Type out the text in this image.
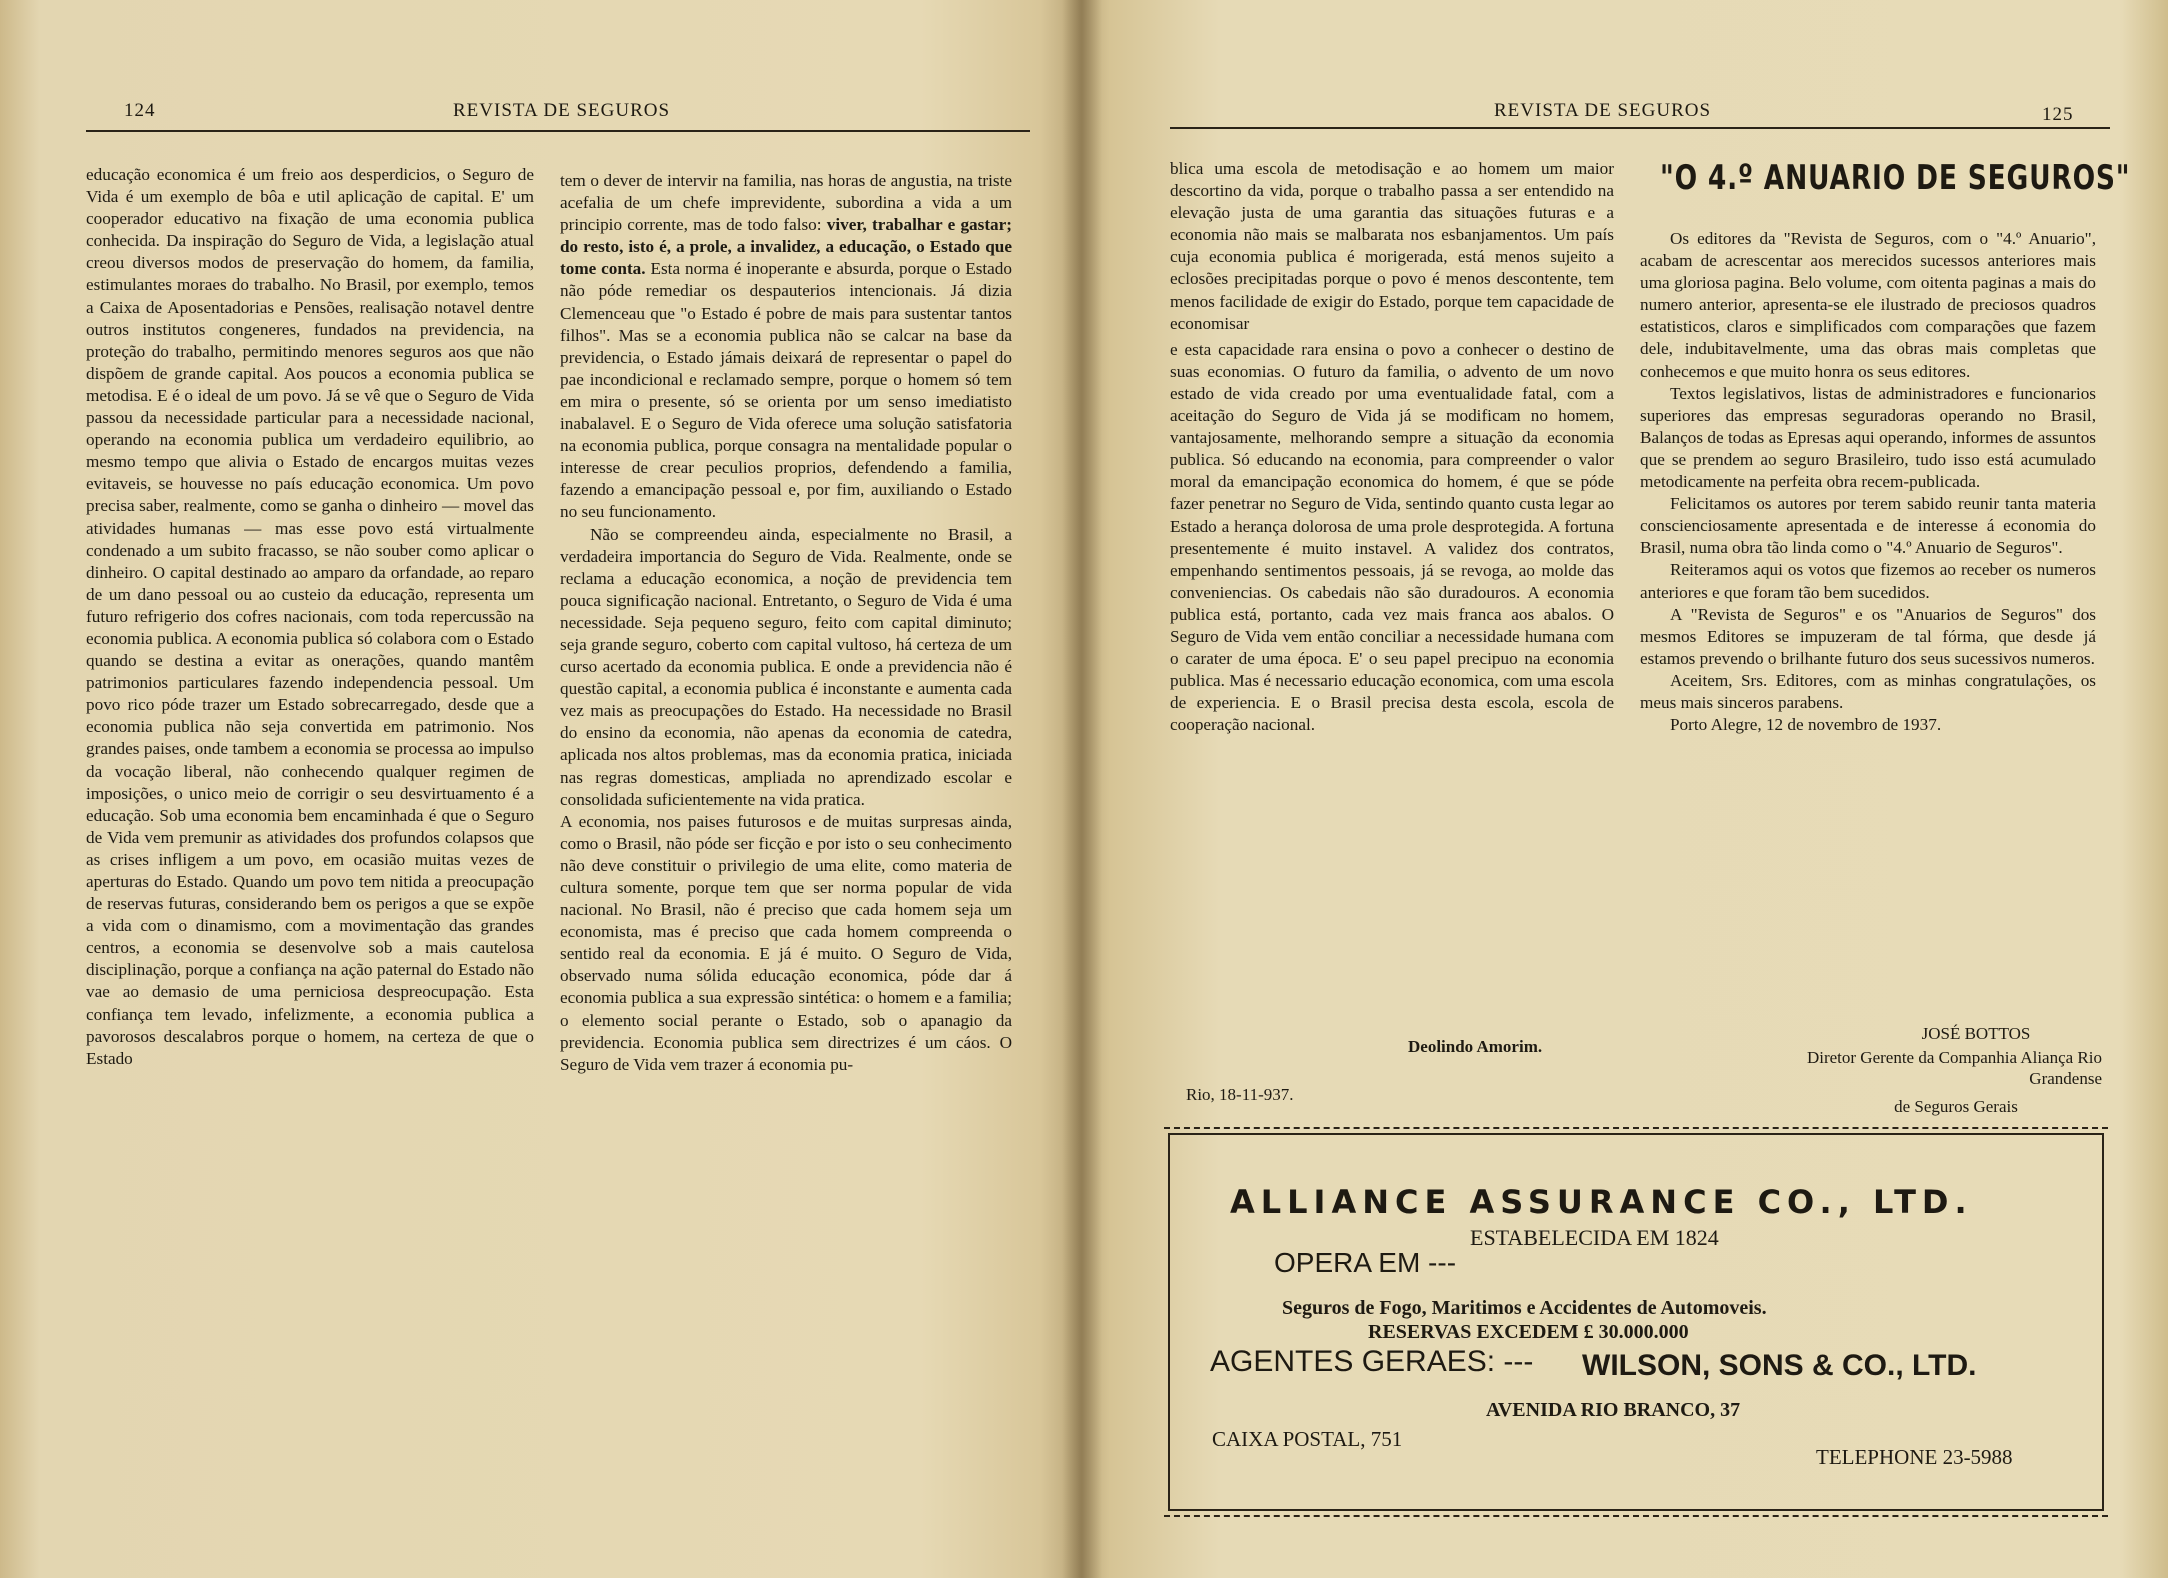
124	REVISTA DE SEGUROS

educação economica é um freio aos desperdicios, o Seguro de Vida é um exemplo de bôa e util aplicação de capital. E' um cooperador educativo na fixação de uma economia publica conhecida. Da inspiração do Seguro de Vida, a legislação atual creou diversos modos de preservação do homem, da familia, estimulantes moraes do trabalho. No Brasil, por exemplo, temos a Caixa de Aposentadorias e Pensões, realisação notavel dentre outros institutos congeneres, fundados na previdencia, na proteção do trabalho, permitindo menores seguros aos que não dispõem de grande capital. Aos poucos a economia publica se metodisa. E é o ideal de um povo. Já se vê que o Seguro de Vida passou da necessidade particular para a necessidade nacional, operando na economia publica um verdadeiro equilibrio, ao mesmo tempo que alivia o Estado de encargos muitas vezes evitaveis, se houvesse no país educação economica. Um povo precisa saber, realmente, como se ganha o dinheiro — movel das atividades humanas — mas esse povo está virtualmente condenado a um subito fracasso, se não souber como aplicar o dinheiro. O capital destinado ao amparo da orfandade, ao reparo de um dano pessoal ou ao custeio da educação, representa um futuro refrigerio dos cofres nacionais, com toda repercussão na economia publica. A economia publica só colabora com o Estado quando se destina a evitar as onerações, quando mantêm patrimonios particulares fazendo independencia pessoal. Um povo rico póde trazer um Estado sobrecarregado, desde que a economia publica não seja convertida em patrimonio. Nos grandes paises, onde tambem a economia se processa ao impulso da vocação liberal, não conhecendo qualquer regimen de imposições, o unico meio de corrigir o seu desvirtuamento é a educação. Sob uma economia bem encaminhada é que o Seguro de Vida vem premunir as atividades dos profundos colapsos que as crises infligem a um povo, em ocasião muitas vezes de aperturas do Estado. Quando um povo tem nitida a preocupação de reservas futuras, considerando bem os perigos a que se expõe a vida com o dinamismo, com a movimentação das grandes centros, a economia se desenvolve sob a mais cautelosa disciplinação, porque a confiança na ação paternal do Estado não vae ao demasio de uma perniciosa despreocupação. Esta confiança tem levado, infelizmente, a economia publica a pavorosos descalabros porque o homem, na certeza de que o Estado

tem o dever de intervir na familia, nas horas de angustia, na triste acefalia de um chefe imprevidente, subordina a vida a um principio corrente, mas de todo falso: viver, trabalhar e gastar; do resto, isto é, a prole, a invalidez, a educação, o Estado que tome conta. Esta norma é inoperante e absurda, porque o Estado não póde remediar os despauterios intencionais. Já dizia Clemenceau que "o Estado é pobre de mais para sustentar tantos filhos". Mas se a economia publica não se calcar na base da previdencia, o Estado jámais deixará de representar o papel do pae incondicional e reclamado sempre, porque o homem só tem em mira o presente, só se orienta por um senso imediatisto inabalavel. E o Seguro de Vida oferece uma solução satisfatoria na economia publica, porque consagra na mentalidade popular o interesse de crear peculios proprios, defendendo a familia, fazendo a emancipação pessoal e, por fim, auxiliando o Estado no seu funcionamento.

Não se compreendeu ainda, especialmente no Brasil, a verdadeira importancia do Seguro de Vida. Realmente, onde se reclama a educação economica, a noção de previdencia tem pouca significação nacional. Entretanto, o Seguro de Vida é uma necessidade. Seja pequeno seguro, feito com capital diminuto; seja grande seguro, coberto com capital vultoso, há certeza de um curso acertado da economia publica. E onde a previdencia não é questão capital, a economia publica é inconstante e aumenta cada vez mais as preocupações do Estado. Ha necessidade no Brasil do ensino da economia, não apenas da economia de catedra, aplicada nos altos problemas, mas da economia pratica, iniciada nas regras domesticas, ampliada no aprendizado escolar e consolidada suficientemente na vida pratica.

A economia, nos paises futurosos e de muitas surpresas ainda, como o Brasil, não póde ser ficção e por isto o seu conhecimento não deve constituir o privilegio de uma elite, como materia de cultura somente, porque tem que ser norma popular de vida nacional. No Brasil, não é preciso que cada homem seja um economista, mas é preciso que cada homem compreenda o sentido real da economia. E já é muito. O Seguro de Vida, observado numa sólida educação economica, póde dar á economia publica a sua expressão sintética: o homem e a familia; o elemento social perante o Estado, sob o apanagio da previdencia. Economia publica sem directrizes é um cáos. O Seguro de Vida vem trazer á economia pu-

REVISTA DE SEGUROS	125

blica uma escola de metodisação e ao homem um maior descortino da vida, porque o trabalho passa a ser entendido na elevação justa de uma garantia das situações futuras e a economia não mais se malbarata nos esbanjamentos. Um país cuja economia publica é morigerada, está menos sujeito a eclosões precipitadas porque o povo é menos descontente, tem menos facilidade de exigir do Estado, porque tem capacidade de economisar

e esta capacidade rara ensina o povo a conhecer o destino de suas economias. O futuro da familia, o advento de um novo estado de vida creado por uma eventualidade fatal, com a aceitação do Seguro de Vida já se modificam no homem, vantajosamente, melhorando sempre a situação da economia publica. Só educando na economia, para compreender o valor moral da emancipação economica do homem, é que se póde fazer penetrar no Seguro de Vida, sentindo quanto custa legar ao Estado a herança dolorosa de uma prole desprotegida. A fortuna presentemente é muito instavel. A validez dos contratos, empenhando sentimentos pessoais, já se revoga, ao molde das conveniencias. Os cabedais não são duradouros. A economia publica está, portanto, cada vez mais franca aos abalos. O Seguro de Vida vem então conciliar a necessidade humana com o carater de uma época. E' o seu papel precipuo na economia publica. Mas é necessario educação economica, com uma escola de experiencia. E o Brasil precisa desta escola, escola de cooperação nacional.

Deolindo Amorim.
Rio, 18-11-937.
"O 4.º ANUARIO DE SEGUROS"

Os editores da "Revista de Seguros, com o "4.º Anuario", acabam de acrescentar aos merecidos sucessos anteriores mais uma gloriosa pagina. Belo volume, com oitenta paginas a mais do numero anterior, apresenta-se ele ilustrado de preciosos quadros estatisticos, claros e simplificados com comparações que fazem dele, indubitavelmente, uma das obras mais completas que conhecemos e que muito honra os seus editores.

Textos legislativos, listas de administradores e funcionarios superiores das empresas seguradoras operando no Brasil, Balanços de todas as Epresas aqui operando, informes de assuntos que se prendem ao seguro Brasileiro, tudo isso está acumulado metodicamente na perfeita obra recem-publicada.

Felicitamos os autores por terem sabido reunir tanta materia conscienciosamente apresentada e de interesse á economia do Brasil, numa obra tão linda como o "4.º Anuario de Seguros".

Reiteramos aqui os votos que fizemos ao receber os numeros anteriores e que foram tão bem sucedidos.

A "Revista de Seguros" e os "Anuarios de Seguros" dos mesmos Editores se impuzeram de tal fórma, que desde já estamos prevendo o brilhante futuro dos seus sucessivos numeros.

Aceitem, Srs. Editores, com as minhas congratulações, os meus mais sinceros parabens.

Porto Alegre, 12 de novembro de 1937.

JOSÉ BOTTOS
Diretor Gerente da Companhia Aliança Rio Grandense
de Seguros Gerais
ALLIANCE ASSURANCE CO., LTD.
ESTABELECIDA EM 1824
OPERA EM ---
Seguros de Fogo, Maritimos e Accidentes de Automoveis.
RESERVAS EXCEDEM £ 30.000.000
AGENTES GERAES: --- WILSON, SONS & CO., LTD.
AVENIDA RIO BRANCO, 37
CAIXA POSTAL, 751
TELEPHONE 23-5988
